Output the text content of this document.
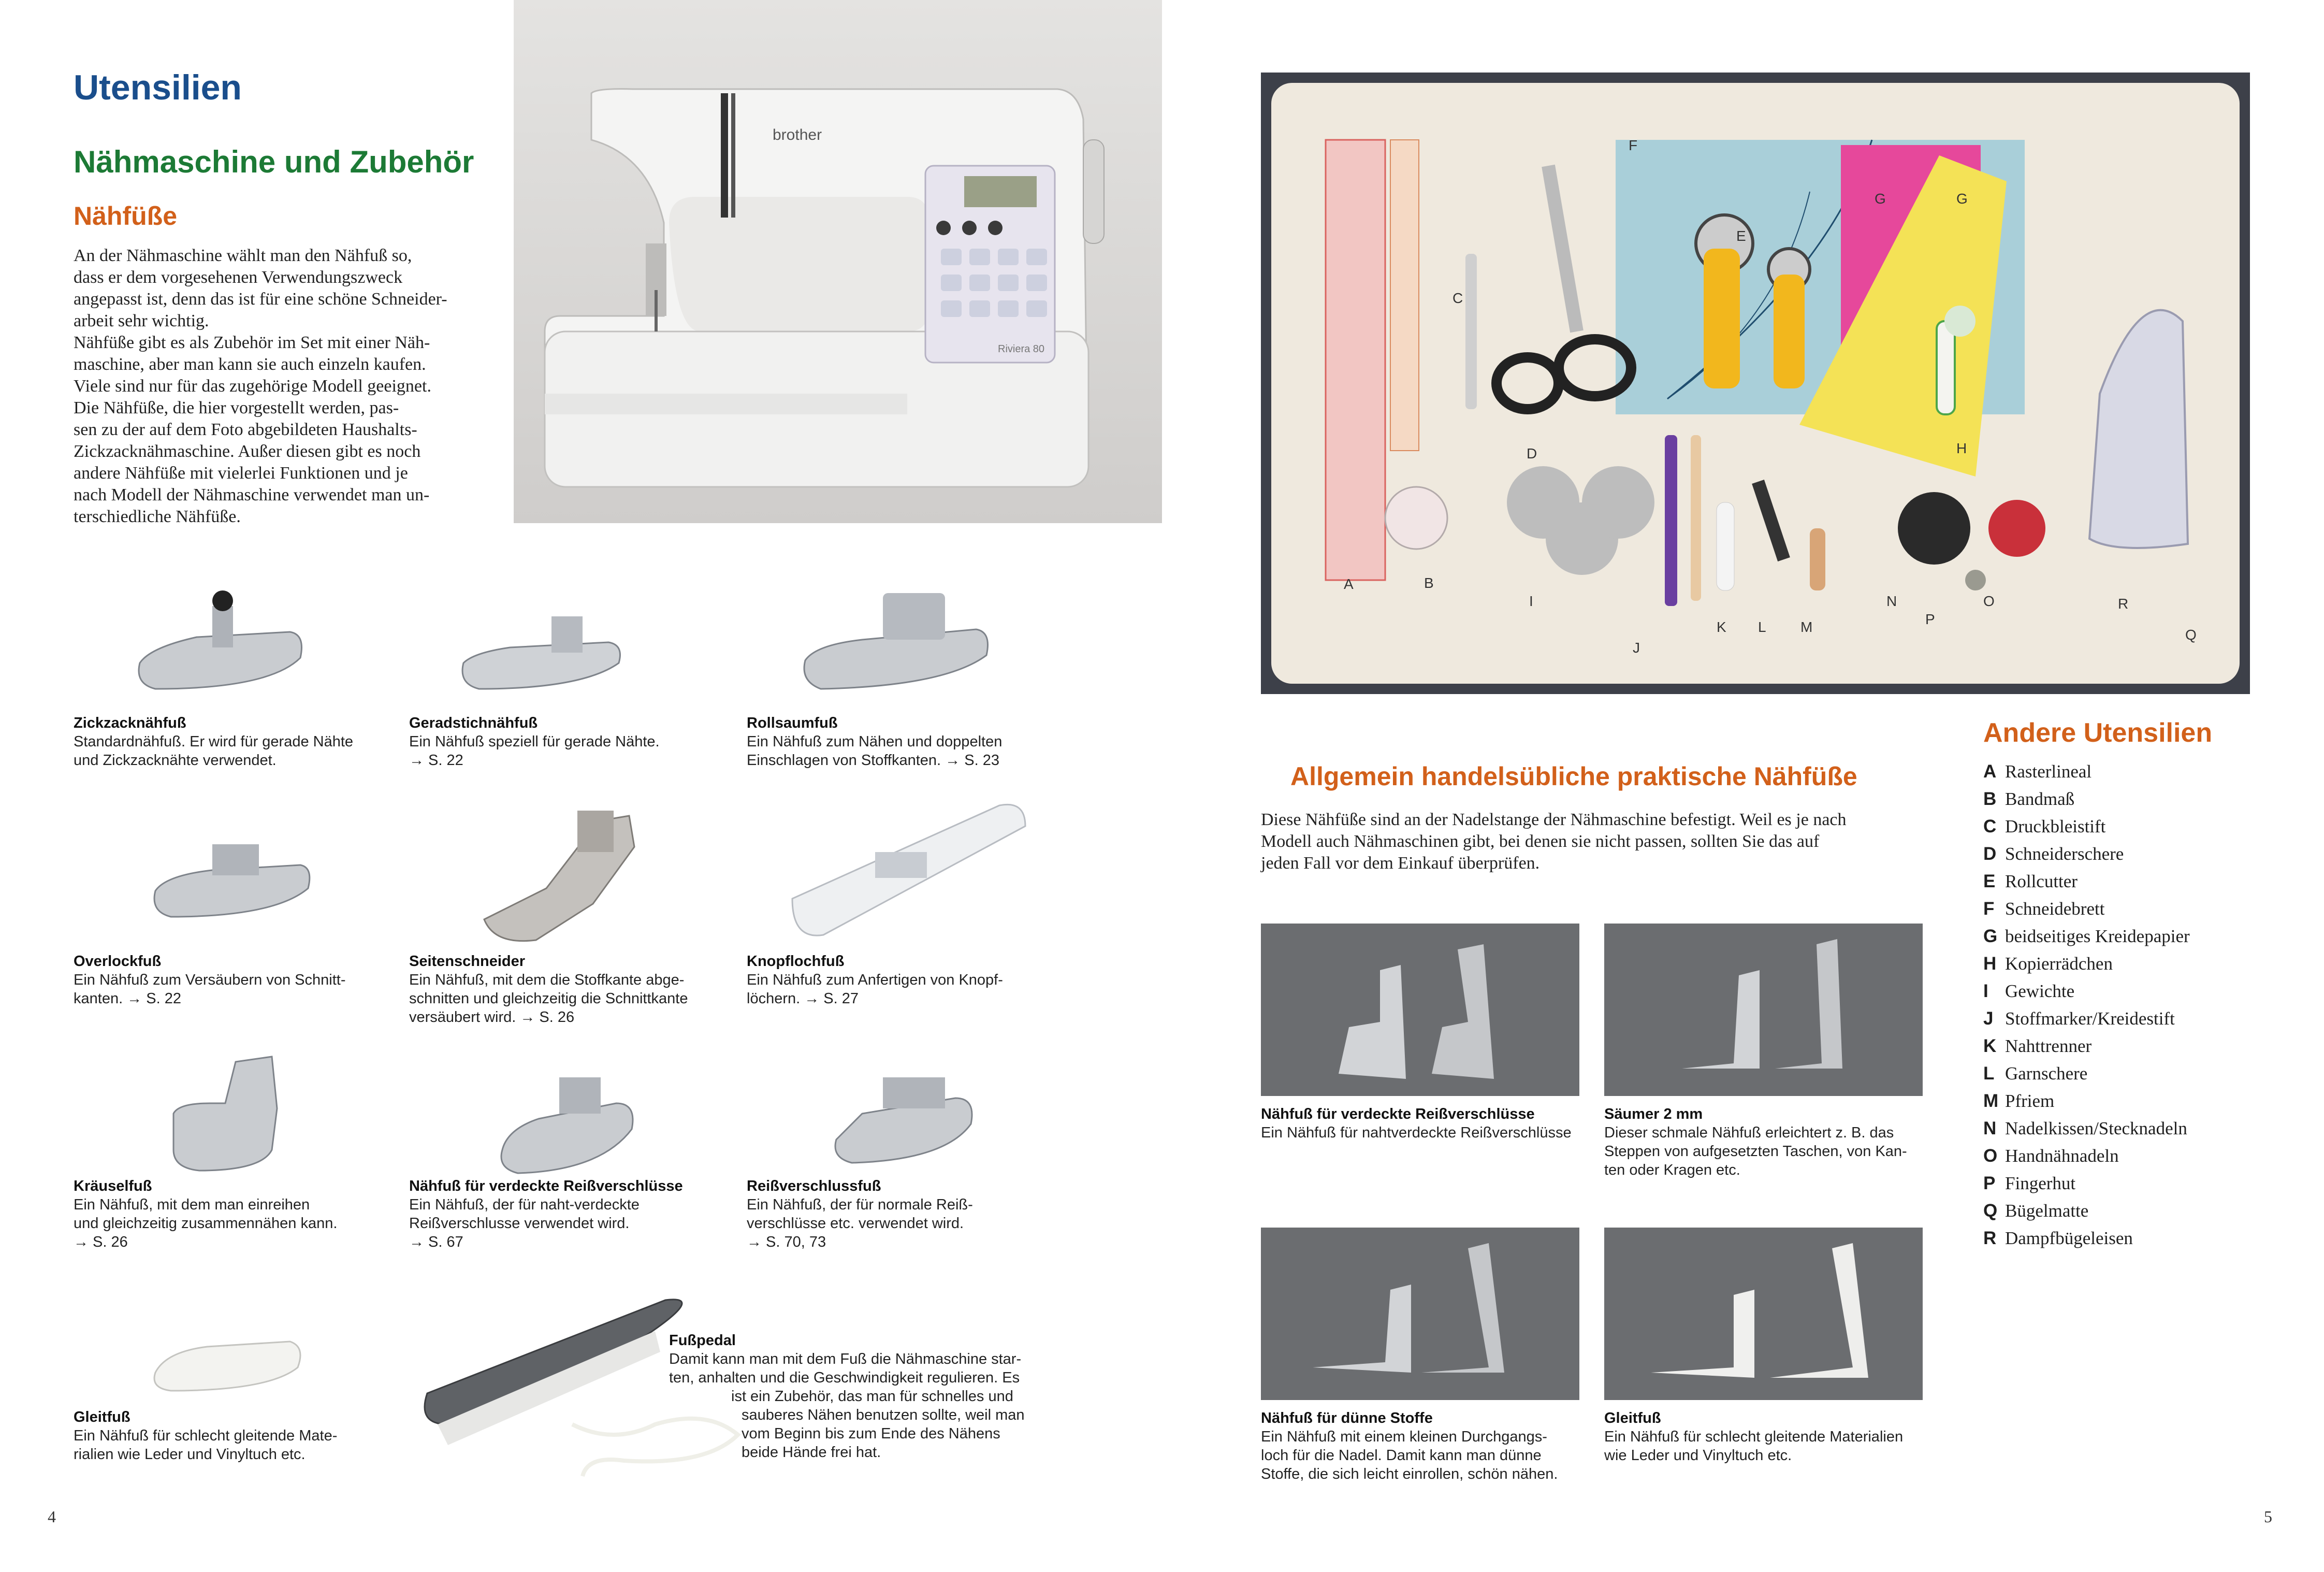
Utensilien
Nähmaschine und Zubehör
Nähfüße
An der Nähmaschine wählt man den Nähfuß so,
dass er dem vorgesehenen Verwendungszweck
angepasst ist, denn das ist für eine schöne Schneider-
arbeit sehr wichtig.
Nähfüße gibt es als Zubehör im Set mit einer Näh-
maschine, aber man kann sie auch einzeln kaufen.
Viele sind nur für das zugehörige Modell geeignet.
Die Nähfüße, die hier vorgestellt werden, pas-
sen zu der auf dem Foto abgebildeten Haushalts-
Zickzacknähmaschine. Außer diesen gibt es noch
andere Nähfüße mit vielerlei Funktionen und je
nach Modell der Nähmaschine verwendet man un-
terschiedliche Nähfüße.
brother
Riviera 80
Zickzacknähfuß
Standardnähfuß. Er wird für gerade Nähte
und Zickzacknähte verwendet.
Geradstichnähfuß
Ein Nähfuß speziell für gerade Nähte.
→ S. 22
Rollsaumfuß
Ein Nähfuß zum Nähen und doppelten
Einschlagen von Stoffkanten. → S. 23
Overlockfuß
Ein Nähfuß zum Versäubern von Schnitt-
kanten. → S. 22
Seitenschneider
Ein Nähfuß, mit dem die Stoffkante abge-
schnitten und gleichzeitig die Schnittkante
versäubert wird. → S. 26
Knopflochfuß
Ein Nähfuß zum Anfertigen von Knopf-
löchern. → S. 27
Kräuselfuß
Ein Nähfuß, mit dem man einreihen
und gleichzeitig zusammennähen kann.
→ S. 26
Nähfuß für verdeckte Reißverschlüsse
Ein Nähfuß, der für naht-verdeckte
Reißverschlusse verwendet wird.
→ S. 67
Reißverschlussfuß
Ein Nähfuß, der für normale Reiß-
verschlüsse etc. verwendet wird.
→ S. 70, 73
Gleitfuß
Ein Nähfuß für schlecht gleitende Mate-
rialien wie Leder und Vinyltuch etc.
Fußpedal
Damit kann man mit dem Fuß die Nähmaschine star-
ten, anhalten und die Geschwindigkeit regulieren. Es
ist ein Zubehör, das man für schnelles und
sauberes Nähen benutzen sollte, weil man
vom Beginn bis zum Ende des Nähens
beide Hände frei hat.
4
F
G	G
E
C
D	H
A	B
I
J
K L M
N	O
P
Q
R
Allgemein handelsübliche praktische Nähfüße
Diese Nähfüße sind an der Nadelstange der Nähmaschine befestigt. Weil es je nach
Modell auch Nähmaschinen gibt, bei denen sie nicht passen, sollten Sie das auf
jeden Fall vor dem Einkauf überprüfen.
Nähfuß für verdeckte Reißverschlüsse
Ein Nähfuß für nahtverdeckte Reißverschlüsse
Säumer 2 mm
Dieser schmale Nähfuß erleichtert z. B. das
Steppen von aufgesetzten Taschen, von Kan-
ten oder Kragen etc.
Nähfuß für dünne Stoffe
Ein Nähfuß mit einem kleinen Durchgangs-
loch für die Nadel. Damit kann man dünne
Stoffe, die sich leicht einrollen, schön nähen.
Gleitfuß
Ein Nähfuß für schlecht gleitende Materialien
wie Leder und Vinyltuch etc.
Andere Utensilien
A Rasterlineal
B Bandmaß
C Druckbleistift
D Schneiderschere
E Rollcutter
F Schneidebrett
G beidseitiges Kreidepapier
H Kopierrädchen
I Gewichte
J Stoffmarker/Kreidestift
K Nahttrenner
L Garnschere
M Pfriem
N Nadelkissen/Stecknadeln
O Handnähnadeln
P Fingerhut
Q Bügelmatte
R Dampfbügeleisen
5
